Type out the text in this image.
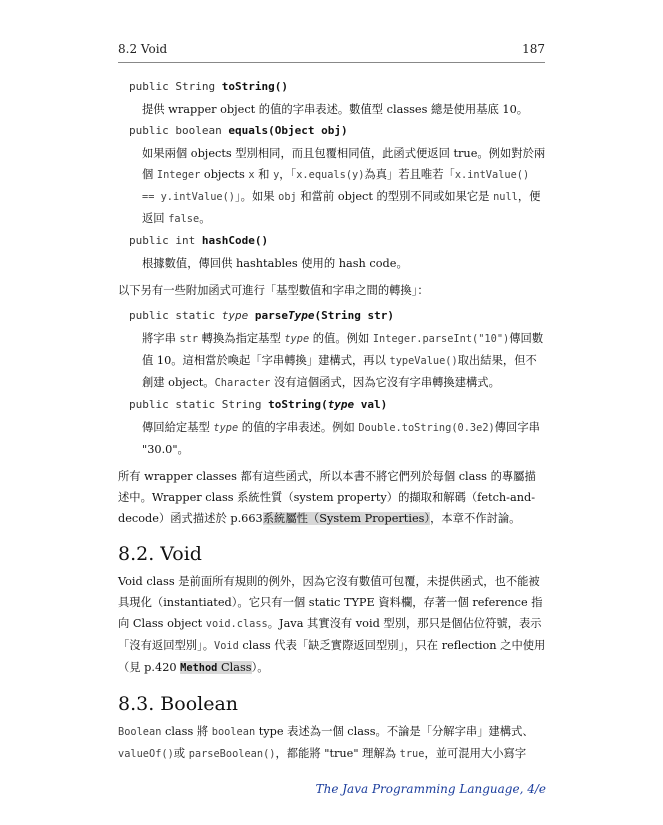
8.2 Void	187
public String toString()
提供 wrapper object 的值的字串表述。數值型 classes 總是使用基底 10。
public boolean equals(Object obj)
如果兩個 objects 型別相同，而且包覆相同值，此函式便返回 true。例如對於兩個 Integer objects x 和 y，「x.equals(y)為真」若且唯若「x.intValue() == y.intValue()」。如果 obj 和當前 object 的型別不同或如果它是 null，便返回 false。
public int hashCode()
根據數值，傳回供 hashtables 使用的 hash code。
以下另有一些附加函式可進行「基型數值和字串之間的轉換」：
public static type parseType(String str)
將字串 str 轉換為指定基型 type 的值。例如 Integer.parseInt("10")傳回數值 10。這相當於喚起「字串轉換」建構式，再以 typeValue()取出結果，但不創建 object。Character 沒有這個函式，因為它沒有字串轉換建構式。
public static String toString(type val)
傳回給定基型 type 的值的字串表述。例如 Double.toString(0.3e2)傳回字串 "30.0"。
所有 wrapper classes 都有這些函式，所以本書不將它們列於每個 class 的專屬描述中。Wrapper class 系統性質（system property）的擷取和解碼（fetch-and-decode）函式描述於 p.663系統屬性（System Properties），本章不作討論。
8.2. Void
Void class 是前面所有規則的例外，因為它沒有數值可包覆，未提供函式，也不能被具現化（instantiated）。它只有一個 static TYPE 資料欄，存著一個 reference 指向 Class object void.class。Java 其實沒有 void 型別，那只是個佔位符號，表示「沒有返回型別」。Void class 代表「缺乏實際返回型別」，只在 reflection 之中使用（見 p.420 Method Class）。
8.3. Boolean
Boolean class 將 boolean type 表述為一個 class。不論是「分解字串」建構式、valueOf()或 parseBoolean()，都能將 "true" 理解為 true，並可混用大小寫字
The Java Programming Language, 4/e
